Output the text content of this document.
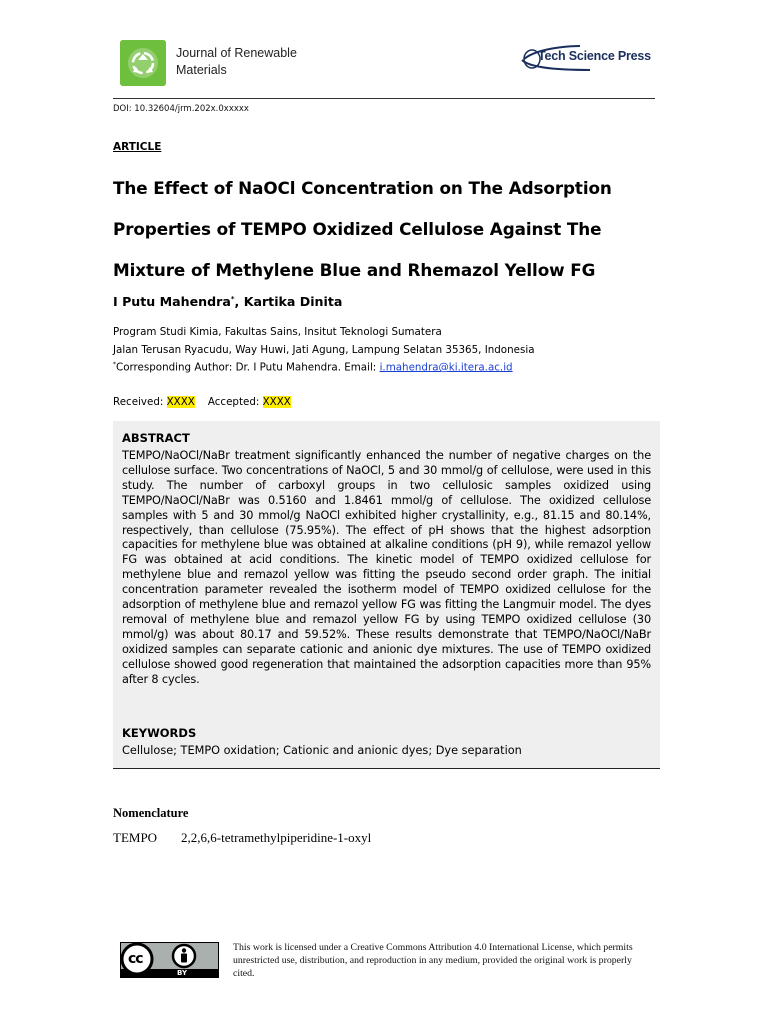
Journal of Renewable
Materials
Tech Science Press
DOI: 10.32604/jrm.202x.0xxxxx
ARTICLE
The Effect of NaOCl Concentration on The Adsorption
Properties of TEMPO Oxidized Cellulose Against The
Mixture of Methylene Blue and Rhemazol Yellow FG
I Putu Mahendra*, Kartika Dinita
Program Studi Kimia, Fakultas Sains, Insitut Teknologi Sumatera
Jalan Terusan Ryacudu, Way Huwi, Jati Agung, Lampung Selatan 35365, Indonesia
*Corresponding Author: Dr. I Putu Mahendra. Email: i.mahendra@ki.itera.ac.id
Received: XXXX Accepted: XXXX
ABSTRACT
TEMPO/NaOCl/NaBr treatment significantly enhanced the number of negative charges on the cellulose surface. Two concentrations of NaOCl, 5 and 30 mmol/g of cellulose, were used in this study. The number of carboxyl groups in two cellulosic samples oxidized using TEMPO/NaOCl/NaBr was 0.5160 and 1.8461 mmol/g of cellulose. The oxidized cellulose samples with 5 and 30 mmol/g NaOCl exhibited higher crystallinity, e.g., 81.15 and 80.14%, respectively, than cellulose (75.95%). The effect of pH shows that the highest adsorption capacities for methylene blue was obtained at alkaline conditions (pH 9), while remazol yellow FG was obtained at acid conditions. The kinetic model of TEMPO oxidized cellulose for methylene blue and remazol yellow was fitting the pseudo second order graph. The initial concentration parameter revealed the isotherm model of TEMPO oxidized cellulose for the adsorption of methylene blue and remazol yellow FG was fitting the Langmuir model. The dyes removal of methylene blue and remazol yellow FG by using TEMPO oxidized cellulose (30 mmol/g) was about 80.17 and 59.52%. These results demonstrate that TEMPO/NaOCl/NaBr oxidized samples can separate cationic and anionic dye mixtures. The use of TEMPO oxidized cellulose showed good regeneration that maintained the adsorption capacities more than 95% after 8 cycles.
KEYWORDS
Cellulose; TEMPO oxidation; Cationic and anionic dyes; Dye separation
Nomenclature
TEMPO 2,2,6,6-tetramethylpiperidine-1-oxyl
cc
BY
This work is licensed under a Creative Commons Attribution 4.0 International License, which permits unrestricted use, distribution, and reproduction in any medium, provided the original work is properly cited.
